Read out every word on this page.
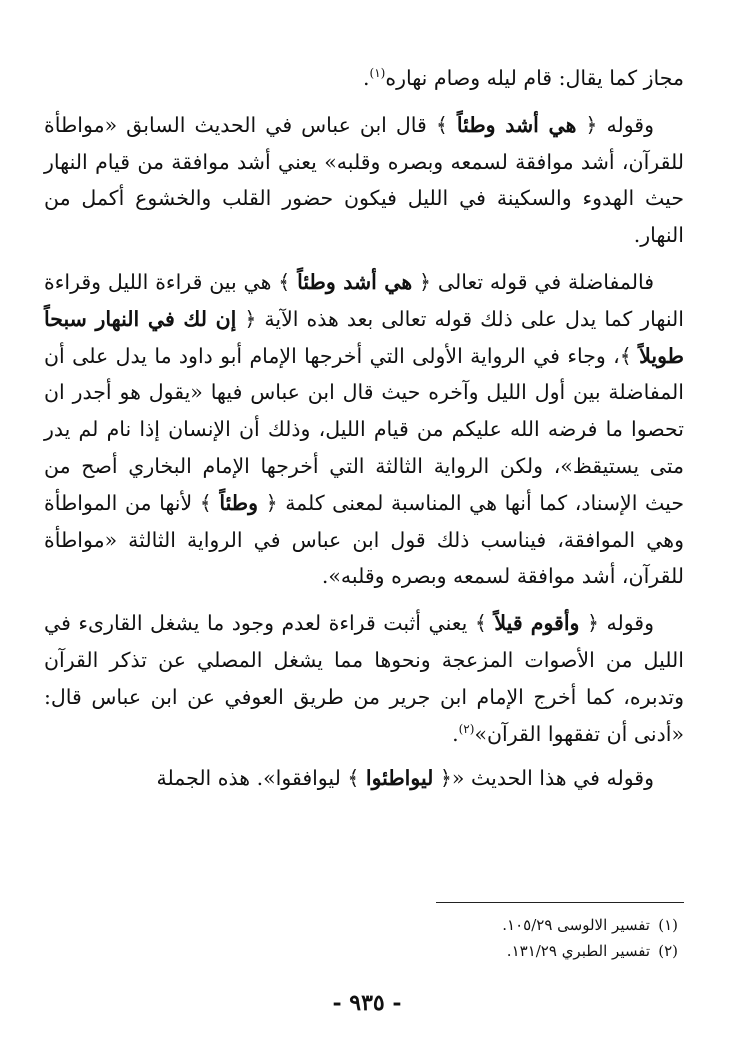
مجاز كما يقال: قام ليله وصام نهاره$^{(١)}$.

وقوله ﴿ هي أشد وطئاً ﴾ قال ابن عباس في الحديث السابق «مواطأة للقرآن، أشد موافقة لسمعه وبصره وقلبه» يعني أشد موافقة من قيام النهار حيث الهدوء والسكينة في الليل فيكون حضور القلب والخشوع أكمل من النهار.

فالمفاضلة في قوله تعالى ﴿ هي أشد وطئاً ﴾ هي بين قراءة الليل وقراءة النهار كما يدل على ذلك قوله تعالى بعد هذه الآية ﴿ إن لك في النهار سبحاً طويلاً ﴾، وجاء في الرواية الأولى التي أخرجها الإمام أبو داود ما يدل على أن المفاضلة بين أول الليل وآخره حيث قال ابن عباس فيها «يقول هو أجدر ان تحصوا ما فرضه الله عليكم من قيام الليل، وذلك أن الإنسان إذا نام لم يدر متى يستيقظ»، ولكن الرواية الثالثة التي أخرجها الإمام البخاري أصح من حيث الإسناد، كما أنها هي المناسبة لمعنى كلمة ﴿ وطئاً ﴾ لأنها من المواطأة وهي الموافقة، فيناسب ذلك قول ابن عباس في الرواية الثالثة «مواطأة للقرآن، أشد موافقة لسمعه وبصره وقلبه».

وقوله ﴿ وأقوم قيلاً ﴾ يعني أثبت قراءة لعدم وجود ما يشغل القارىء في الليل من الأصوات المزعجة ونحوها مما يشغل المصلي عن تذكر القرآن وتدبره، كما أخرج الإمام ابن جرير من طريق العوفي عن ابن عباس قال: «أدنى أن تفقهوا القرآن»$^{(٢)}$.

وقوله في هذا الحديث «﴿ ليواطئوا ﴾ ليوافقوا». هذه الجملة

(١)تفسير الالوسى ١٠٥/٢٩.
(٢)تفسير الطبري ١٣١/٢٩.
- ٩٣٥ -
